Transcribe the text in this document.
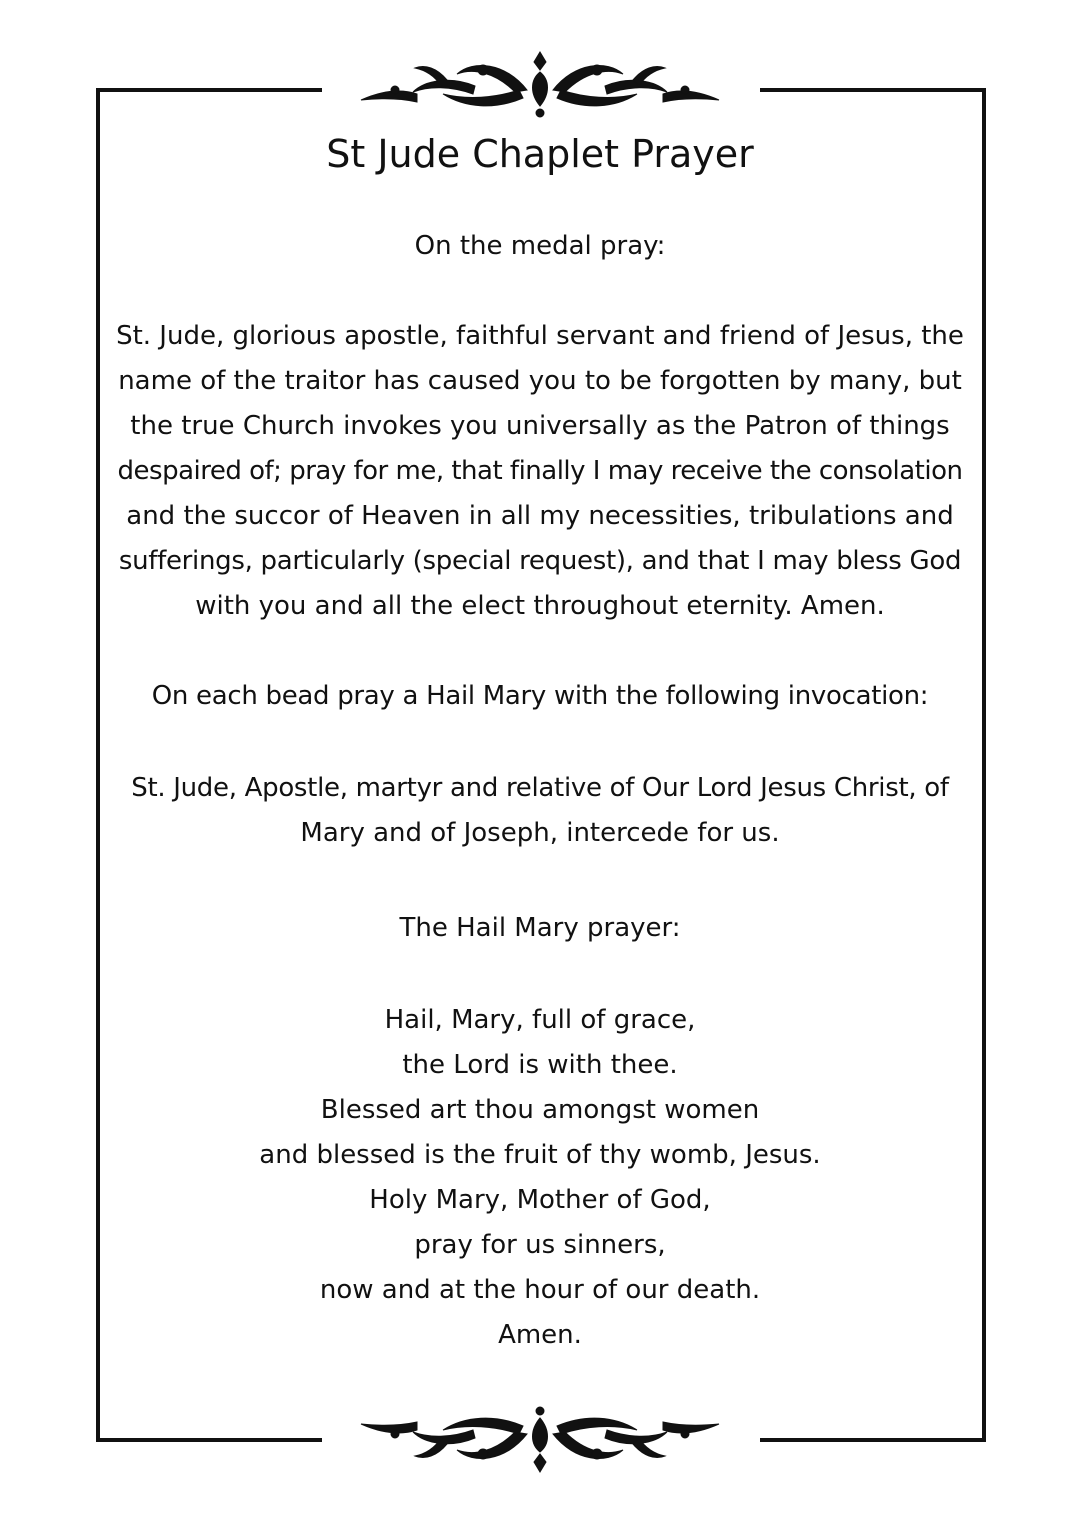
St Jude Chaplet Prayer

On the medal pray:

St. Jude, glorious apostle, faithful servant and friend of Jesus, the
name of the traitor has caused you to be forgotten by many, but
the true Church invokes you universally as the Patron of things
despaired of; pray for me, that finally I may receive the consolation
and the succor of Heaven in all my necessities, tribulations and
sufferings, particularly (special request), and that I may bless God
with you and all the elect throughout eternity. Amen.

On each bead pray a Hail Mary with the following invocation:

St. Jude, Apostle, martyr and relative of Our Lord Jesus Christ, of
Mary and of Joseph, intercede for us.

The Hail Mary prayer:

Hail, Mary, full of grace,
the Lord is with thee.
Blessed art thou amongst women
and blessed is the fruit of thy womb, Jesus.
Holy Mary, Mother of God,
pray for us sinners,
now and at the hour of our death.
Amen.
